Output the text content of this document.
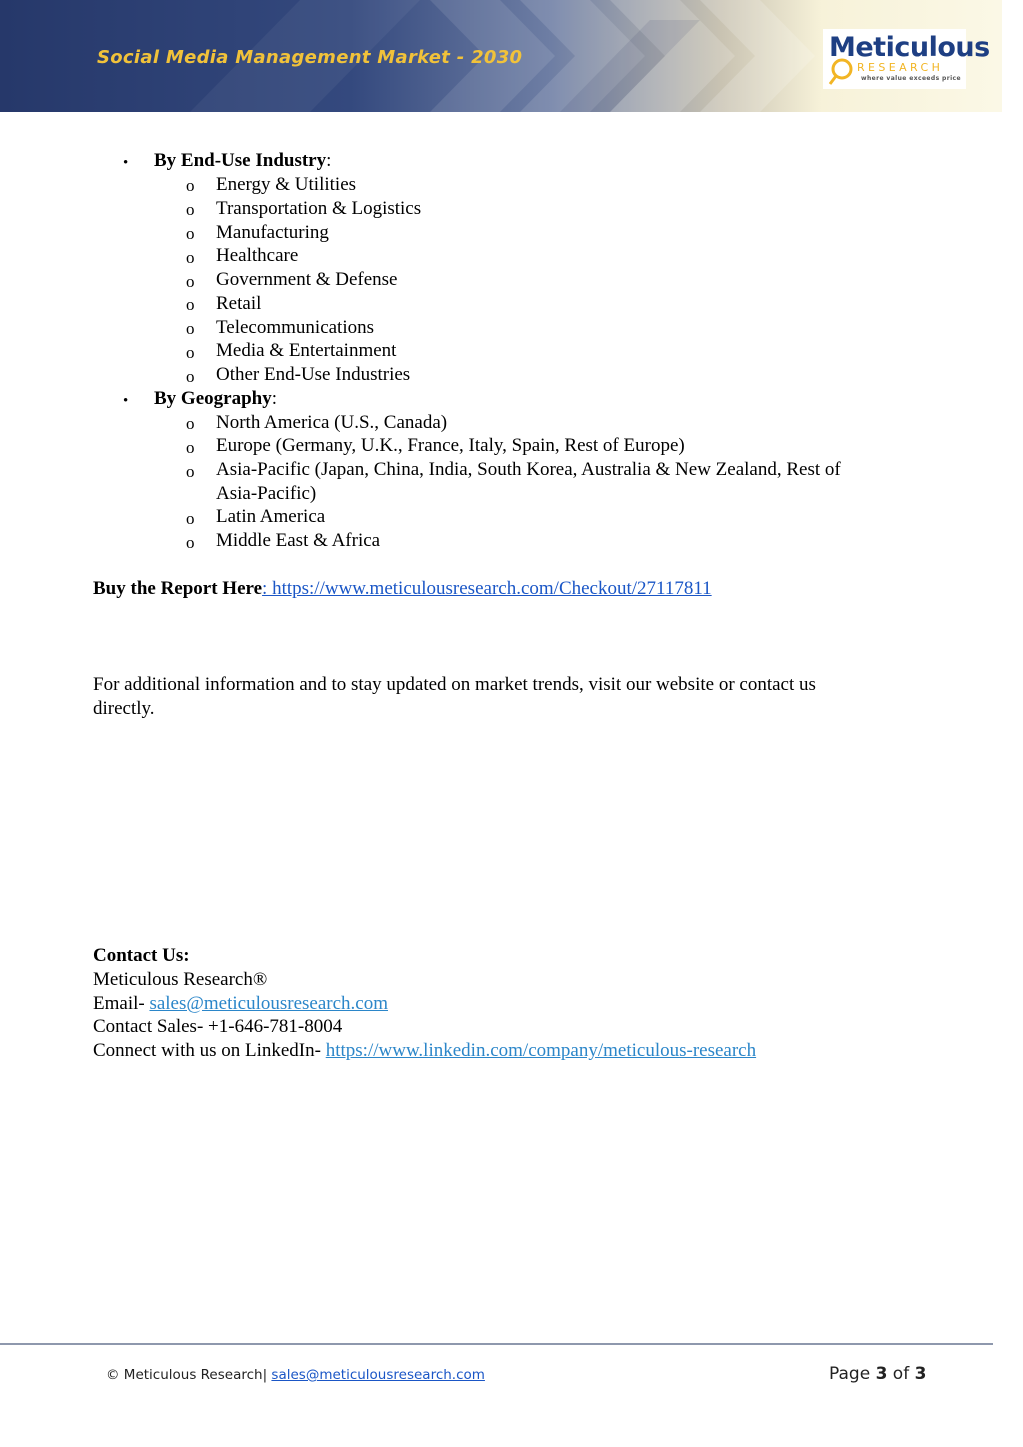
Social Media Management Market - 2030	Meticulous
RESEARCH
where value exceeds price
• By End-Use Industry:
o Energy & Utilities
o Transportation & Logistics
o Manufacturing
o Healthcare
o Government & Defense
o Retail
o Telecommunications
o Media & Entertainment
o Other End-Use Industries
• By Geography:
o North America (U.S., Canada)
o Europe (Germany, U.K., France, Italy, Spain, Rest of Europe)
o Asia-Pacific (Japan, China, India, South Korea, Australia & New Zealand, Rest of
Asia-Pacific)
o Latin America
o Middle East & Africa
Buy the Report Here: https://www.meticulousresearch.com/Checkout/27117811
For additional information and to stay updated on market trends, visit our website or contact us
directly.
Contact Us:
Meticulous Research®
Email- sales@meticulousresearch.com
Contact Sales- +1-646-781-8004
Connect with us on LinkedIn- https://www.linkedin.com/company/meticulous-research
© Meticulous Research| sales@meticulousresearch.com	Page 3 of 3
